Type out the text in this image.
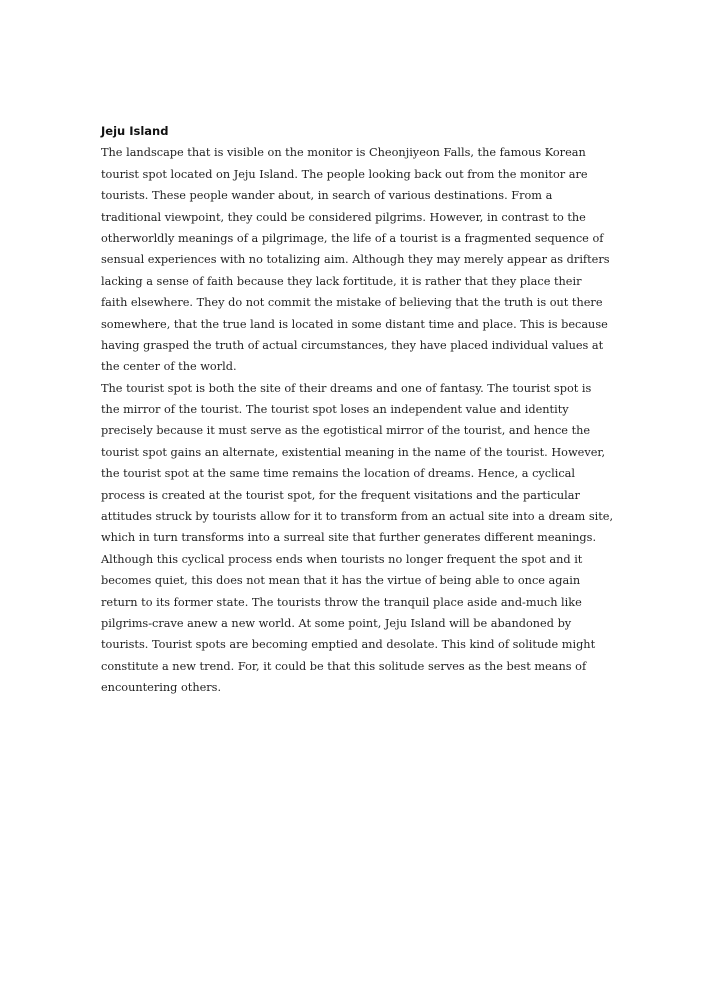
Jeju Island

The landscape that is visible on the monitor is Cheonjiyeon Falls, the famous Korean
tourist spot located on Jeju Island. The people looking back out from the monitor are
tourists. These people wander about, in search of various destinations. From a
traditional viewpoint, they could be considered pilgrims. However, in contrast to the
otherworldly meanings of a pilgrimage, the life of a tourist is a fragmented sequence of
sensual experiences with no totalizing aim. Although they may merely appear as drifters
lacking a sense of faith because they lack fortitude, it is rather that they place their
faith elsewhere. They do not commit the mistake of believing that the truth is out there
somewhere, that the true land is located in some distant time and place. This is because
having grasped the truth of actual circumstances, they have placed individual values at
the center of the world.

The tourist spot is both the site of their dreams and one of fantasy. The tourist spot is
the mirror of the tourist. The tourist spot loses an independent value and identity
precisely because it must serve as the egotistical mirror of the tourist, and hence the
tourist spot gains an alternate, existential meaning in the name of the tourist. However,
the tourist spot at the same time remains the location of dreams. Hence, a cyclical
process is created at the tourist spot, for the frequent visitations and the particular
attitudes struck by tourists allow for it to transform from an actual site into a dream site,
which in turn transforms into a surreal site that further generates different meanings.
Although this cyclical process ends when tourists no longer frequent the spot and it
becomes quiet, this does not mean that it has the virtue of being able to once again
return to its former state. The tourists throw the tranquil place aside and-much like
pilgrims-crave anew a new world. At some point, Jeju Island will be abandoned by
tourists. Tourist spots are becoming emptied and desolate. This kind of solitude might
constitute a new trend. For, it could be that this solitude serves as the best means of
encountering others.
